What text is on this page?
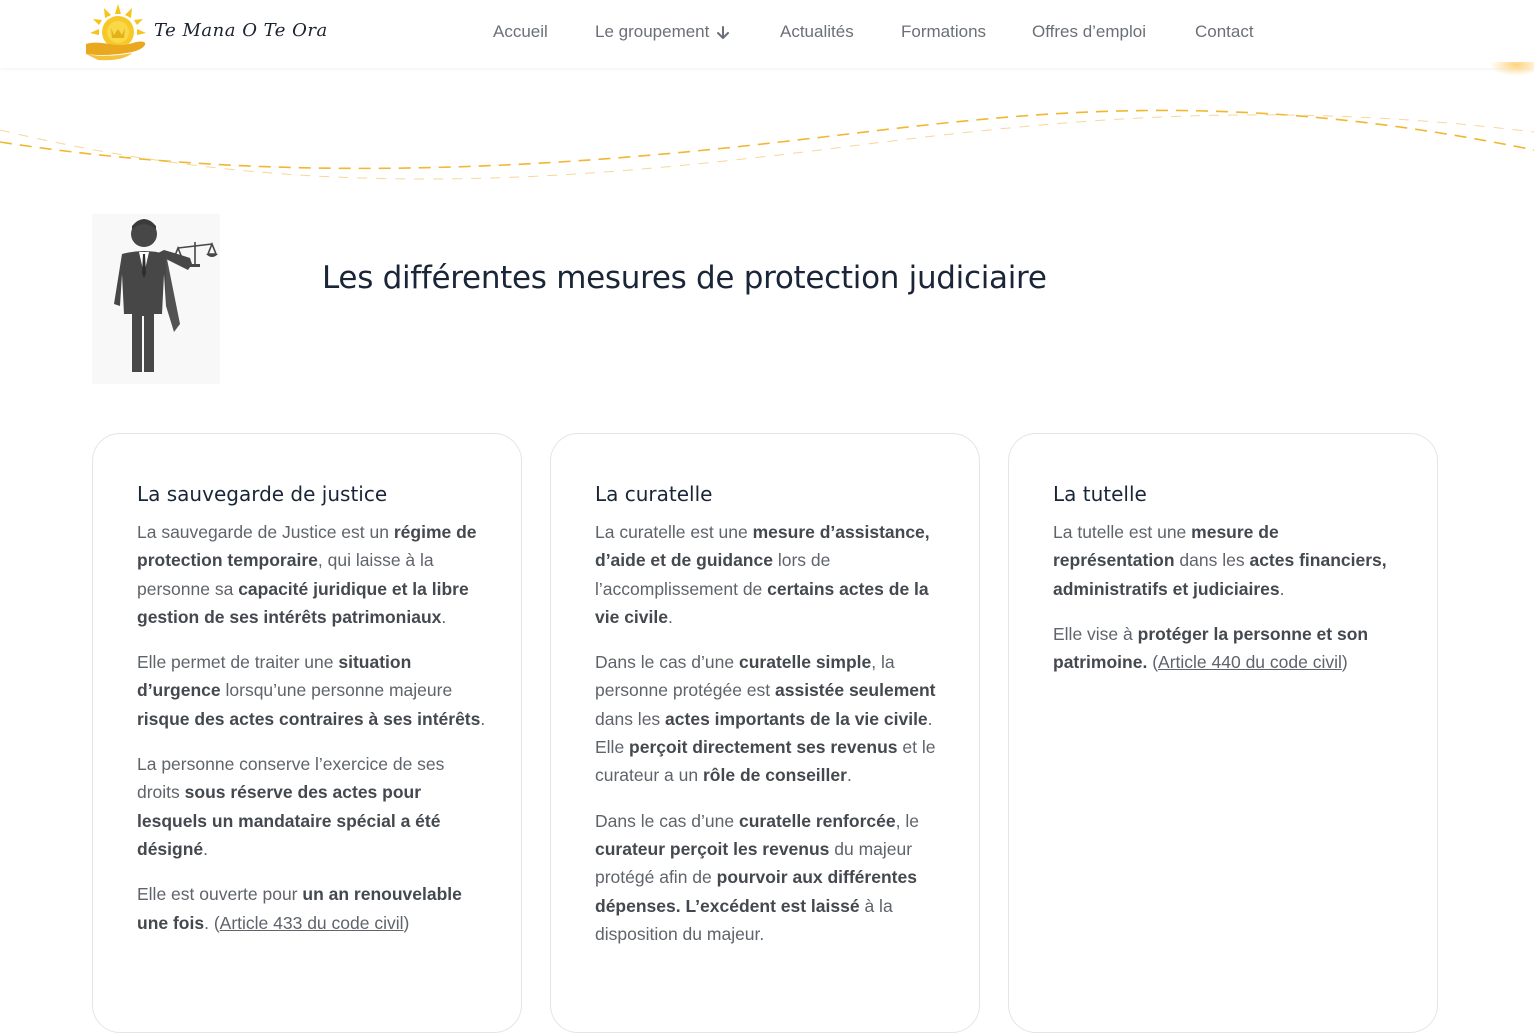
Te Mana O Te Ora	Accueil	Le groupement	Actualités	Formations	Offres d’emploi	Contact
Les différentes mesures de protection judiciaire
La sauvegarde de justice

La sauvegarde de Justice est un régime de protection temporaire, qui laisse à la personne sa capacité juridique et la libre gestion de ses intérêts patrimoniaux.

Elle permet de traiter une situation d’urgence lorsqu’une personne majeure risque des actes contraires à ses intérêts.

La personne conserve l’exercice de ses droits sous réserve des actes pour lesquels un mandataire spécial a été désigné.

Elle est ouverte pour un an renouvelable une fois. (Article 433 du code civil)

La curatelle

La curatelle est une mesure d’assistance, d’aide et de guidance lors de l’accomplissement de certains actes de la vie civile.

Dans le cas d’une curatelle simple, la personne protégée est assistée seulement dans les actes importants de la vie civile. Elle perçoit directement ses revenus et le curateur a un rôle de conseiller.

Dans le cas d’une curatelle renforcée, le curateur perçoit les revenus du majeur protégé afin de pourvoir aux différentes dépenses. L’excédent est laissé à la disposition du majeur.

La tutelle

La tutelle est une mesure de représentation dans les actes financiers, administratifs et judiciaires.

Elle vise à protéger la personne et son patrimoine. (Article 440 du code civil)
